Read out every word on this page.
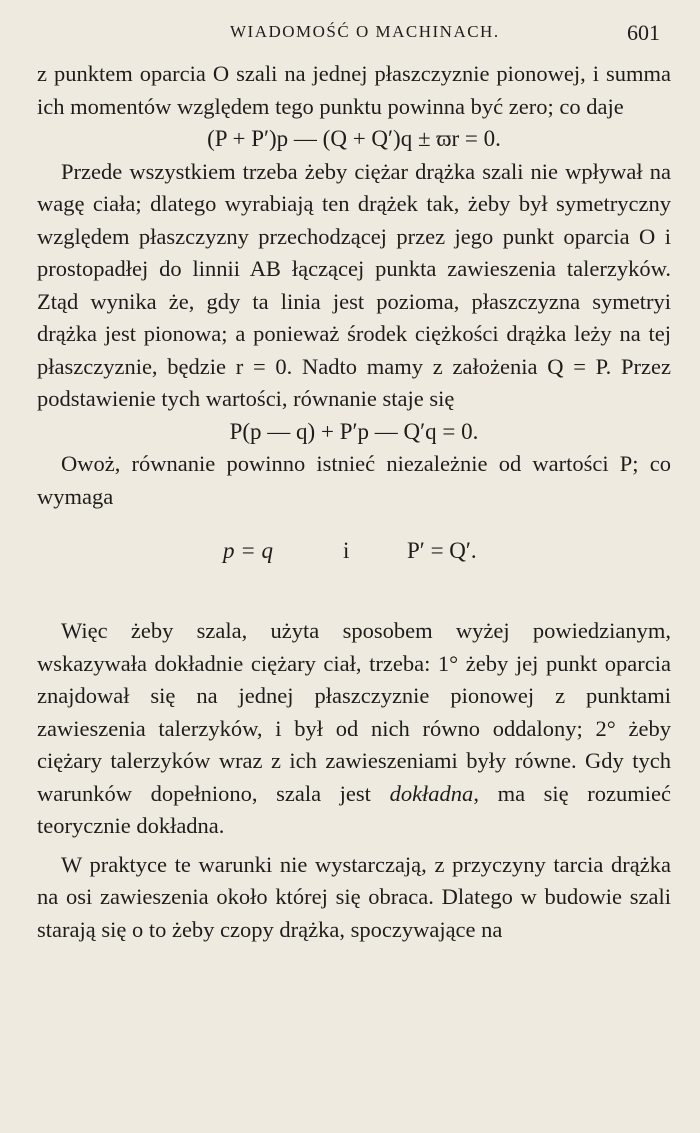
WIADOMOŚĆ O MACHINACH.	601

z punktem oparcia O szali na jednej płaszczyznie pionowej, i summa ich momentów względem tego punktu powinna być zero; co daje

(P + P′)p — (Q + Q′)q ± ϖr = 0.

Przede wszystkiem trzeba żeby ciężar drążka szali nie wpływał na wagę ciała; dlatego wyrabiają ten drążek tak, żeby był symetryczny względem płaszczyzny przechodzącej przez jego punkt oparcia O i prostopadłej do linnii AB łączącej punkta zawieszenia talerzyków. Ztąd wynika że, gdy ta linia jest pozioma, płaszczyzna symetryi drążka jest pionowa; a ponieważ środek ciężkości drążka leży na tej płaszczyznie, będzie r = 0. Nadto mamy z założenia Q = P. Przez podstawienie tych wartości, równanie staje się

P(p — q) + P′p — Q′q = 0.

Owoż, równanie powinno istnieć niezależnie od wartości P; co wymaga

p = q	i	P′ = Q′.

Więc żeby szala, użyta sposobem wyżej powiedzianym, wskazywała dokładnie ciężary ciał, trzeba: 1° żeby jej punkt oparcia znajdował się na jednej płaszczyznie pionowej z punktami zawieszenia talerzyków, i był od nich równo oddalony; 2° żeby ciężary talerzyków wraz z ich zawieszeniami były równe. Gdy tych warunków dopełniono, szala jest dokładna, ma się rozumieć teorycznie dokładna.

W praktyce te warunki nie wystarczają, z przyczyny tarcia drążka na osi zawieszenia około której się obraca. Dlatego w budowie szali starają się o to żeby czopy drążka, spoczywające na
